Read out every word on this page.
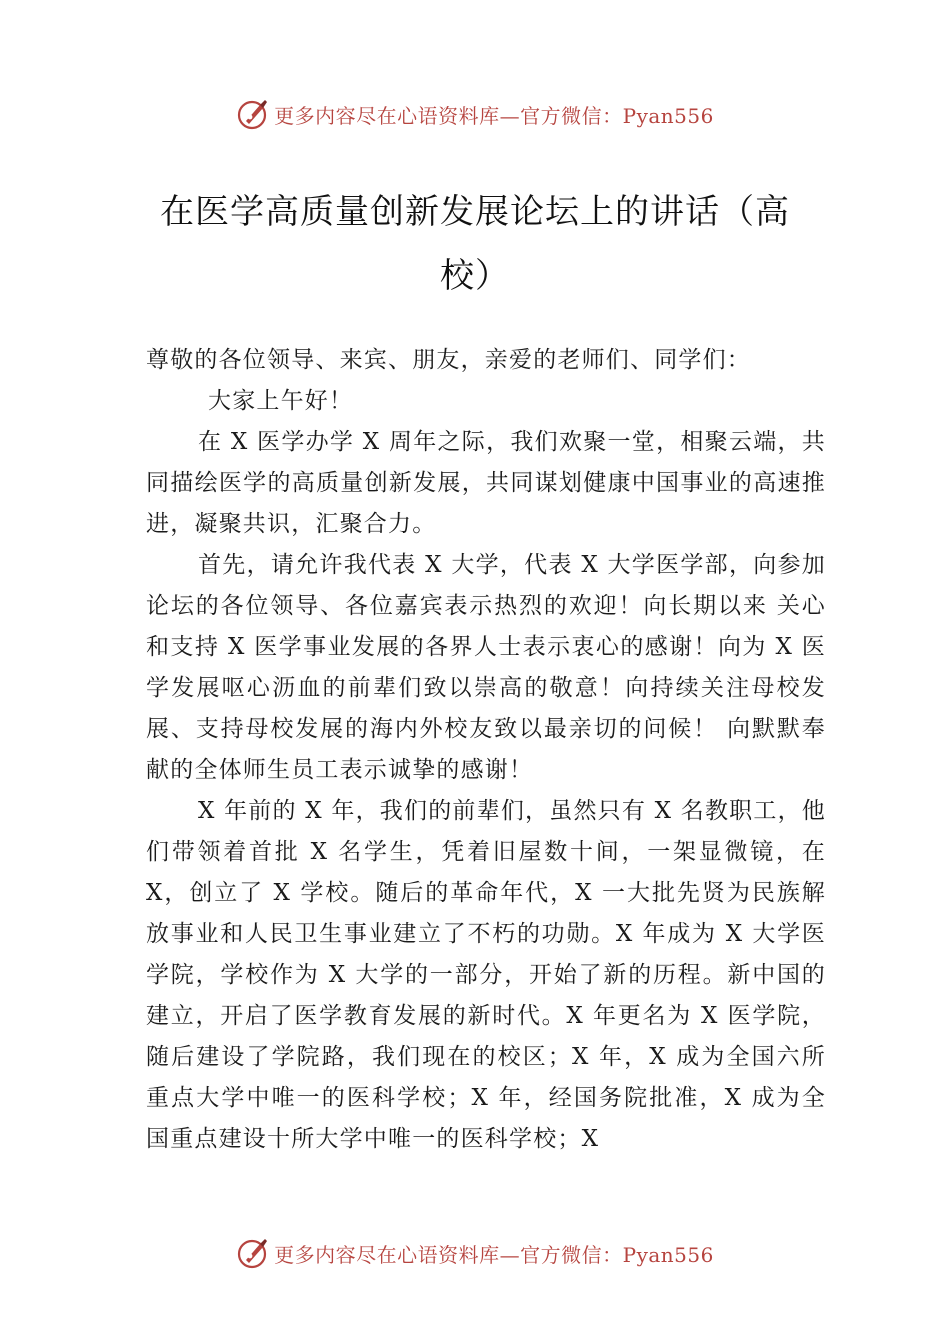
更多内容尽在心语资料库—官方微信：Pyan556
在医学高质量创新发展论坛上的讲话（高校）

尊敬的各位领导、来宾、朋友，亲爱的老师们、同学们：

大家上午好！

在 X 医学办学 X 周年之际，我们欢聚一堂，相聚云端，共同描绘医学的高质量创新发展，共同谋划健康中国事业的高速推进，凝聚共识，汇聚合力。

首先，请允许我代表 X 大学，代表 X 大学医学部，向参加论坛的各位领导、各位嘉宾表示热烈的欢迎！向长期以来 关心和支持 X 医学事业发展的各界人士表示衷心的感谢！向为 X 医学发展呕心沥血的前辈们致以崇高的敬意！向持续关注母校发展、支持母校发展的海内外校友致以最亲切的问候！ 向默默奉献的全体师生员工表示诚挚的感谢！

X 年前的 X 年，我们的前辈们，虽然只有 X 名教职工，他们带领着首批 X 名学生，凭着旧屋数十间，一架显微镜，在 X，创立了 X 学校。随后的革命年代，X 一大批先贤为民族解放事业和人民卫生事业建立了不朽的功勋。X 年成为 X 大学医学院，学校作为 X 大学的一部分，开始了新的历程。新中国的建立，开启了医学教育发展的新时代。X 年更名为 X 医学院，随后建设了学院路，我们现在的校区；X 年，X 成为全国六所重点大学中唯一的医科学校；X 年，经国务院批准，X 成为全国重点建设十所大学中唯一的医科学校；X

更多内容尽在心语资料库—官方微信：Pyan556
